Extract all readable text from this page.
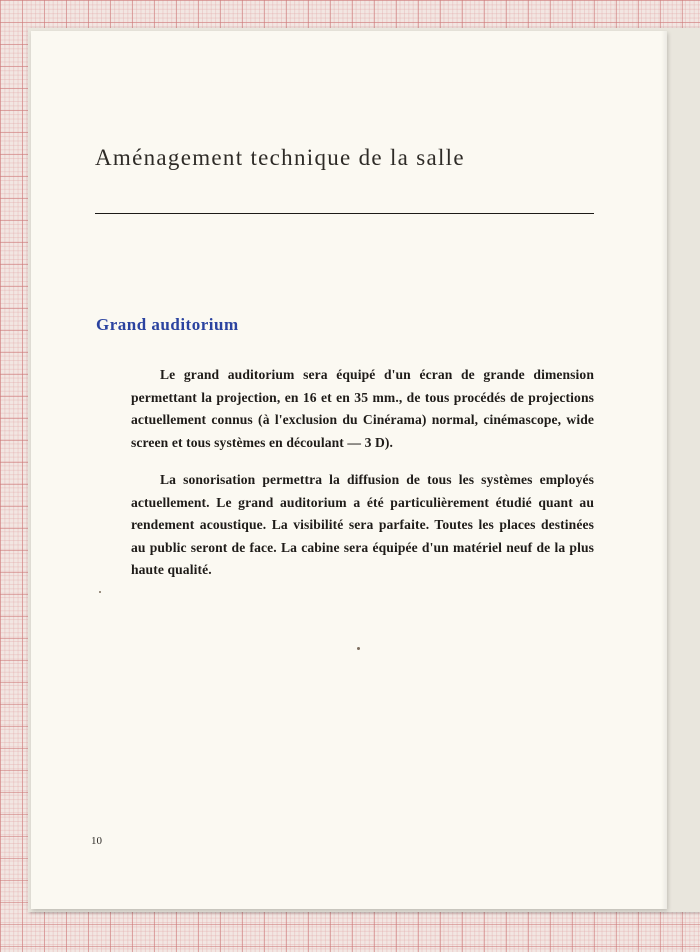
Aménagement technique de la salle
Grand auditorium

Le grand auditorium sera équipé d'un écran de grande dimension permettant la projection, en 16 et en 35 mm., de tous procédés de projections actuellement connus (à l'exclusion du Cinérama) normal, cinémascope, wide screen et tous systèmes en découlant — 3 D).

La sonorisation permettra la diffusion de tous les systèmes employés actuellement. Le grand auditorium a été particulièrement étudié quant au rendement acoustique. La visibilité sera parfaite. Toutes les places destinées au public seront de face. La cabine sera équipée d'un matériel neuf de la plus haute qualité.

10
